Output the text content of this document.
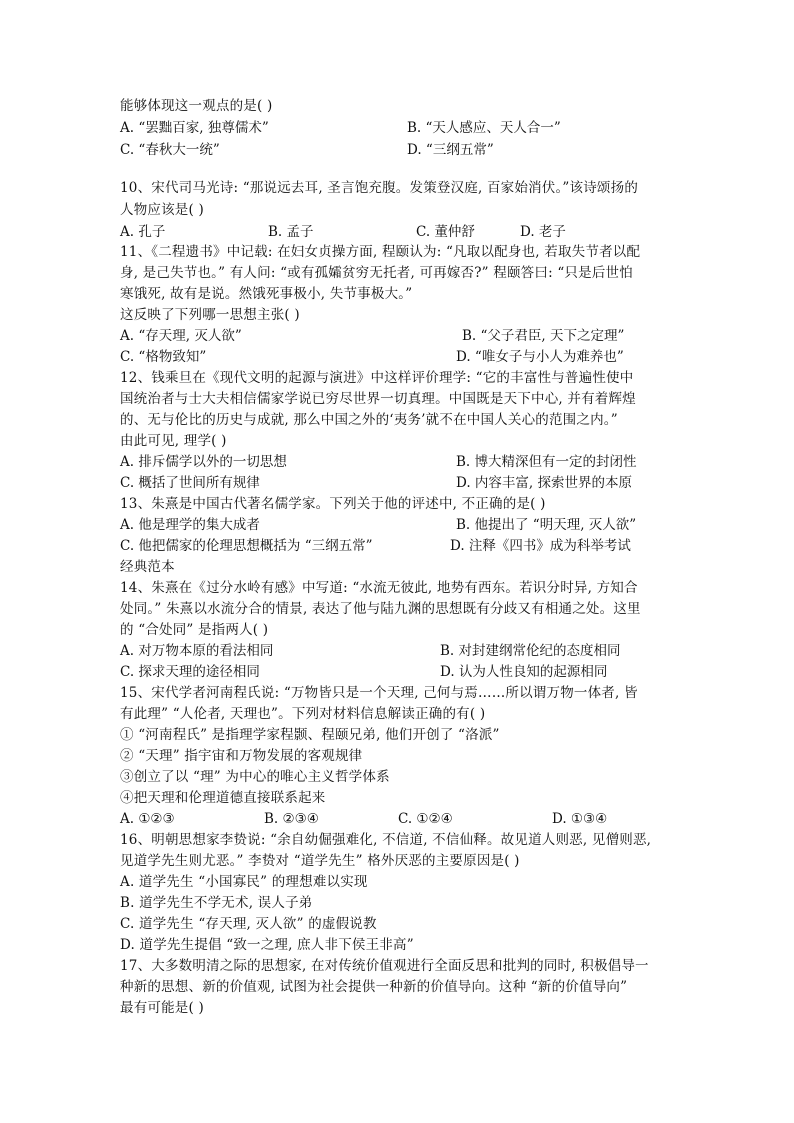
能够体现这一观点的是( )
A. “罢黜百家, 独尊儒术”	B. “天人感应、天人合一”
C. “春秋大一统”	D. “三纲五常”
10、宋代司马光诗: “那说远去耳, 圣言饱充腹。发策登汉庭, 百家始消伏。”该诗颂扬的
人物应该是( )
A. 孔子	B. 孟子	C. 董仲舒	D. 老子
11、《二程遗书》中记载: 在妇女贞操方面, 程颐认为: “凡取以配身也, 若取失节者以配
身, 是己失节也。” 有人问: “或有孤孀贫穷无托者, 可再嫁否?” 程颐答曰: “只是后世怕
寒饿死, 故有是说。然饿死事极小, 失节事极大。”
这反映了下列哪一思想主张( )
A. “存天理, 灭人欲”	B. “父子君臣, 天下之定理”
C. “格物致知”	D. “唯女子与小人为难养也”
12、钱乘旦在《现代文明的起源与演进》中这样评价理学: “它的丰富性与普遍性使中
国统治者与士大夫相信儒家学说已穷尽世界一切真理。中国既是天下中心, 并有着辉煌
的、无与伦比的历史与成就, 那么中国之外的‘夷务’就不在中国人关心的范围之内。”
由此可见, 理学( )
A. 排斥儒学以外的一切思想	B. 博大精深但有一定的封闭性
C. 概括了世间所有规律	D. 内容丰富, 探索世界的本原
13、朱熹是中国古代著名儒学家。下列关于他的评述中, 不正确的是( )
A. 他是理学的集大成者	B. 他提出了 “明天理, 灭人欲”
C. 他把儒家的伦理思想概括为 “三纲五常”	D. 注释《四书》成为科举考试
经典范本
14、朱熹在《过分水岭有感》中写道: “水流无彼此, 地势有西东。若识分时异, 方知合
处同。” 朱熹以水流分合的情景, 表达了他与陆九渊的思想既有分歧又有相通之处。这里
的 “合处同” 是指两人( )
A. 对万物本原的看法相同	B. 对封建纲常伦纪的态度相同
C. 探求天理的途径相同	D. 认为人性良知的起源相同
15、宋代学者河南程氏说: “万物皆只是一个天理, 己何与焉……所以谓万物一体者, 皆
有此理” “人伦者, 天理也”。下列对材料信息解读正确的有( )
① “河南程氏” 是指理学家程颢、程颐兄弟, 他们开创了 “洛派”
② “天理” 指宇宙和万物发展的客观规律
③创立了以 “理” 为中心的唯心主义哲学体系
④把天理和伦理道德直接联系起来
A. ①②③	B. ②③④	C. ①②④	D. ①③④
16、明朝思想家李贽说: “余自幼倔强难化, 不信道, 不信仙释。故见道人则恶, 见僧则恶,
见道学先生则尤恶。” 李贽对 “道学先生” 格外厌恶的主要原因是( )
A. 道学先生 “小国寡民” 的理想难以实现
B. 道学先生不学无术, 误人子弟
C. 道学先生 “存天理, 灭人欲” 的虚假说教
D. 道学先生提倡 “致一之理, 庶人非下侯王非高”
17、大多数明清之际的思想家, 在对传统价值观进行全面反思和批判的同时, 积极倡导一
种新的思想、新的价值观, 试图为社会提供一种新的价值导向。这种 “新的价值导向”
最有可能是( )
